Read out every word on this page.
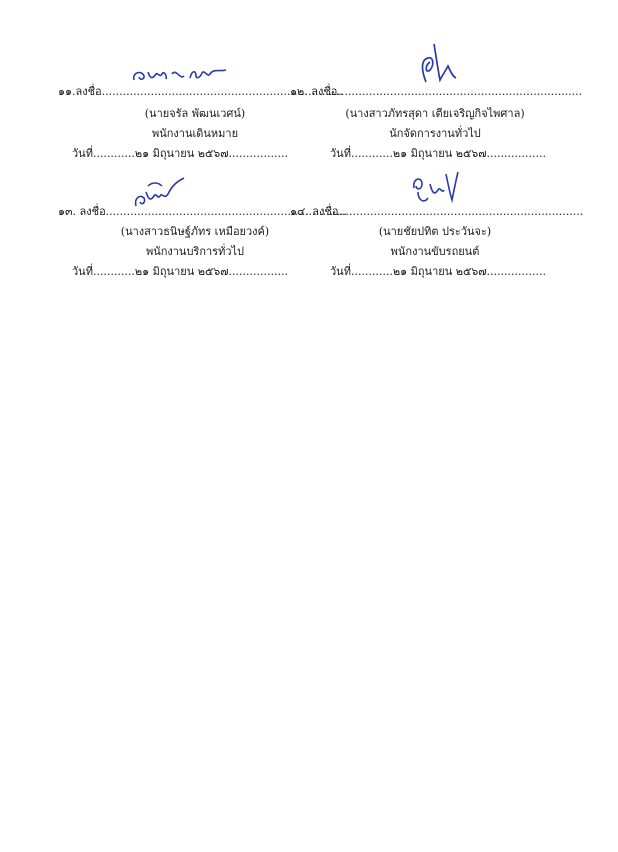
๑๑.ลงชื่อ.....................................................................
(นายจรัล พัฒนเวศน์)
พนักงานเดินหมาย
วันที่............๒๑ มิถุนายน ๒๕๖๗.................
๑๒. ลงชื่อ......................................................................
(นางสาวภัทรสุดา เตียเจริญกิจไพศาล)
นักจัดการงานทั่วไป
วันที่............๒๑ มิถุนายน ๒๕๖๗.................
๑๓. ลงชื่อ.....................................................................
(นางสาวธนิษฐ์ภัทร เหมือยวงค์)
พนักงานบริการทั่วไป
วันที่............๒๑ มิถุนายน ๒๕๖๗.................
๑๔. ลงชื่อ......................................................................
(นายชัยปทิต ประวันจะ)
พนักงานขับรถยนต์
วันที่............๒๑ มิถุนายน ๒๕๖๗.................
